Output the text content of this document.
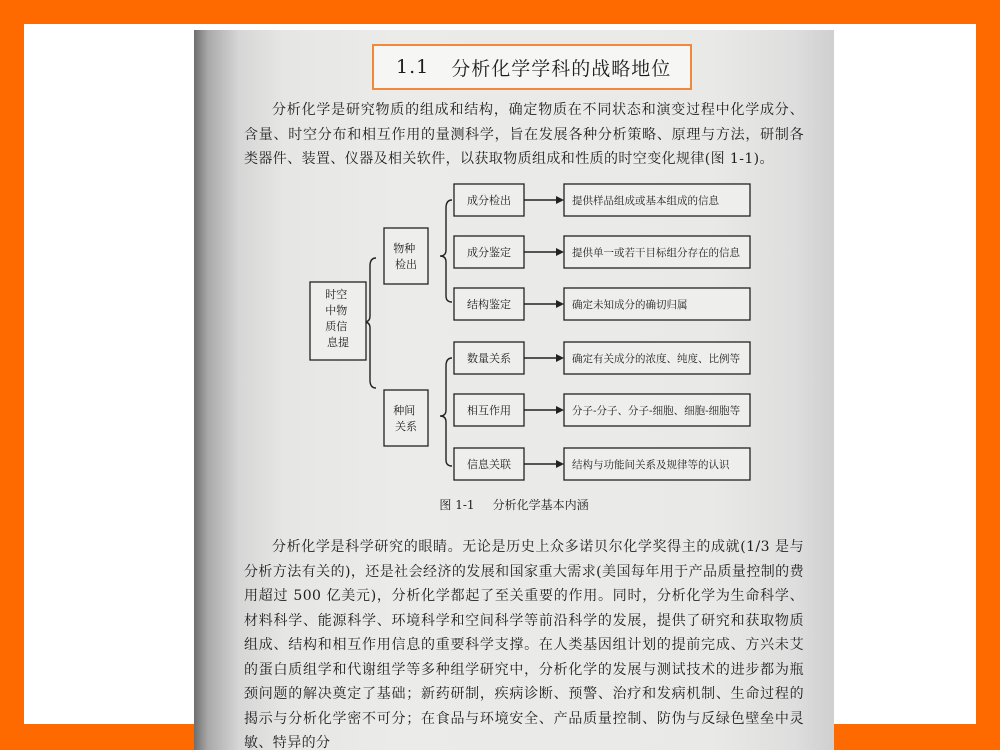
1.1 分析化学学科的战略地位

分析化学是研究物质的组成和结构，确定物质在不同状态和演变过程中化学成分、含量、时空分布和相互作用的量测科学，旨在发展各种分析策略、原理与方法，研制各类器件、装置、仪器及相关软件，以获取物质组成和性质的时空变化规律(图 1-1)。

时空 中物 质信 息提
物种 检出
种间 关系
成分检出
成分鉴定
结构鉴定
数量关系
相互作用
信息关联
提供样品组成或基本组成的信息
提供单一或若干目标组分存在的信息
确定未知成分的确切归属
确定有关成分的浓度、纯度、比例等
分子-分子、分子-细胞、细胞-细胞等
结构与功能间关系及规律等的认识
图 1-1 分析化学基本内涵

分析化学是科学研究的眼睛。无论是历史上众多诺贝尔化学奖得主的成就(1/3 是与分析方法有关的)，还是社会经济的发展和国家重大需求(美国每年用于产品质量控制的费用超过 500 亿美元)，分析化学都起了至关重要的作用。同时，分析化学为生命科学、材料科学、能源科学、环境科学和空间科学等前沿科学的发展，提供了研究和获取物质组成、结构和相互作用信息的重要科学支撑。在人类基因组计划的提前完成、方兴未艾的蛋白质组学和代谢组学等多种组学研究中，分析化学的发展与测试技术的进步都为瓶颈问题的解决奠定了基础；新药研制，疾病诊断、预警、治疗和发病机制、生命过程的揭示与分析化学密不可分；在食品与环境安全、产品质量控制、防伪与反绿色壁垒中灵敏、特异的分
